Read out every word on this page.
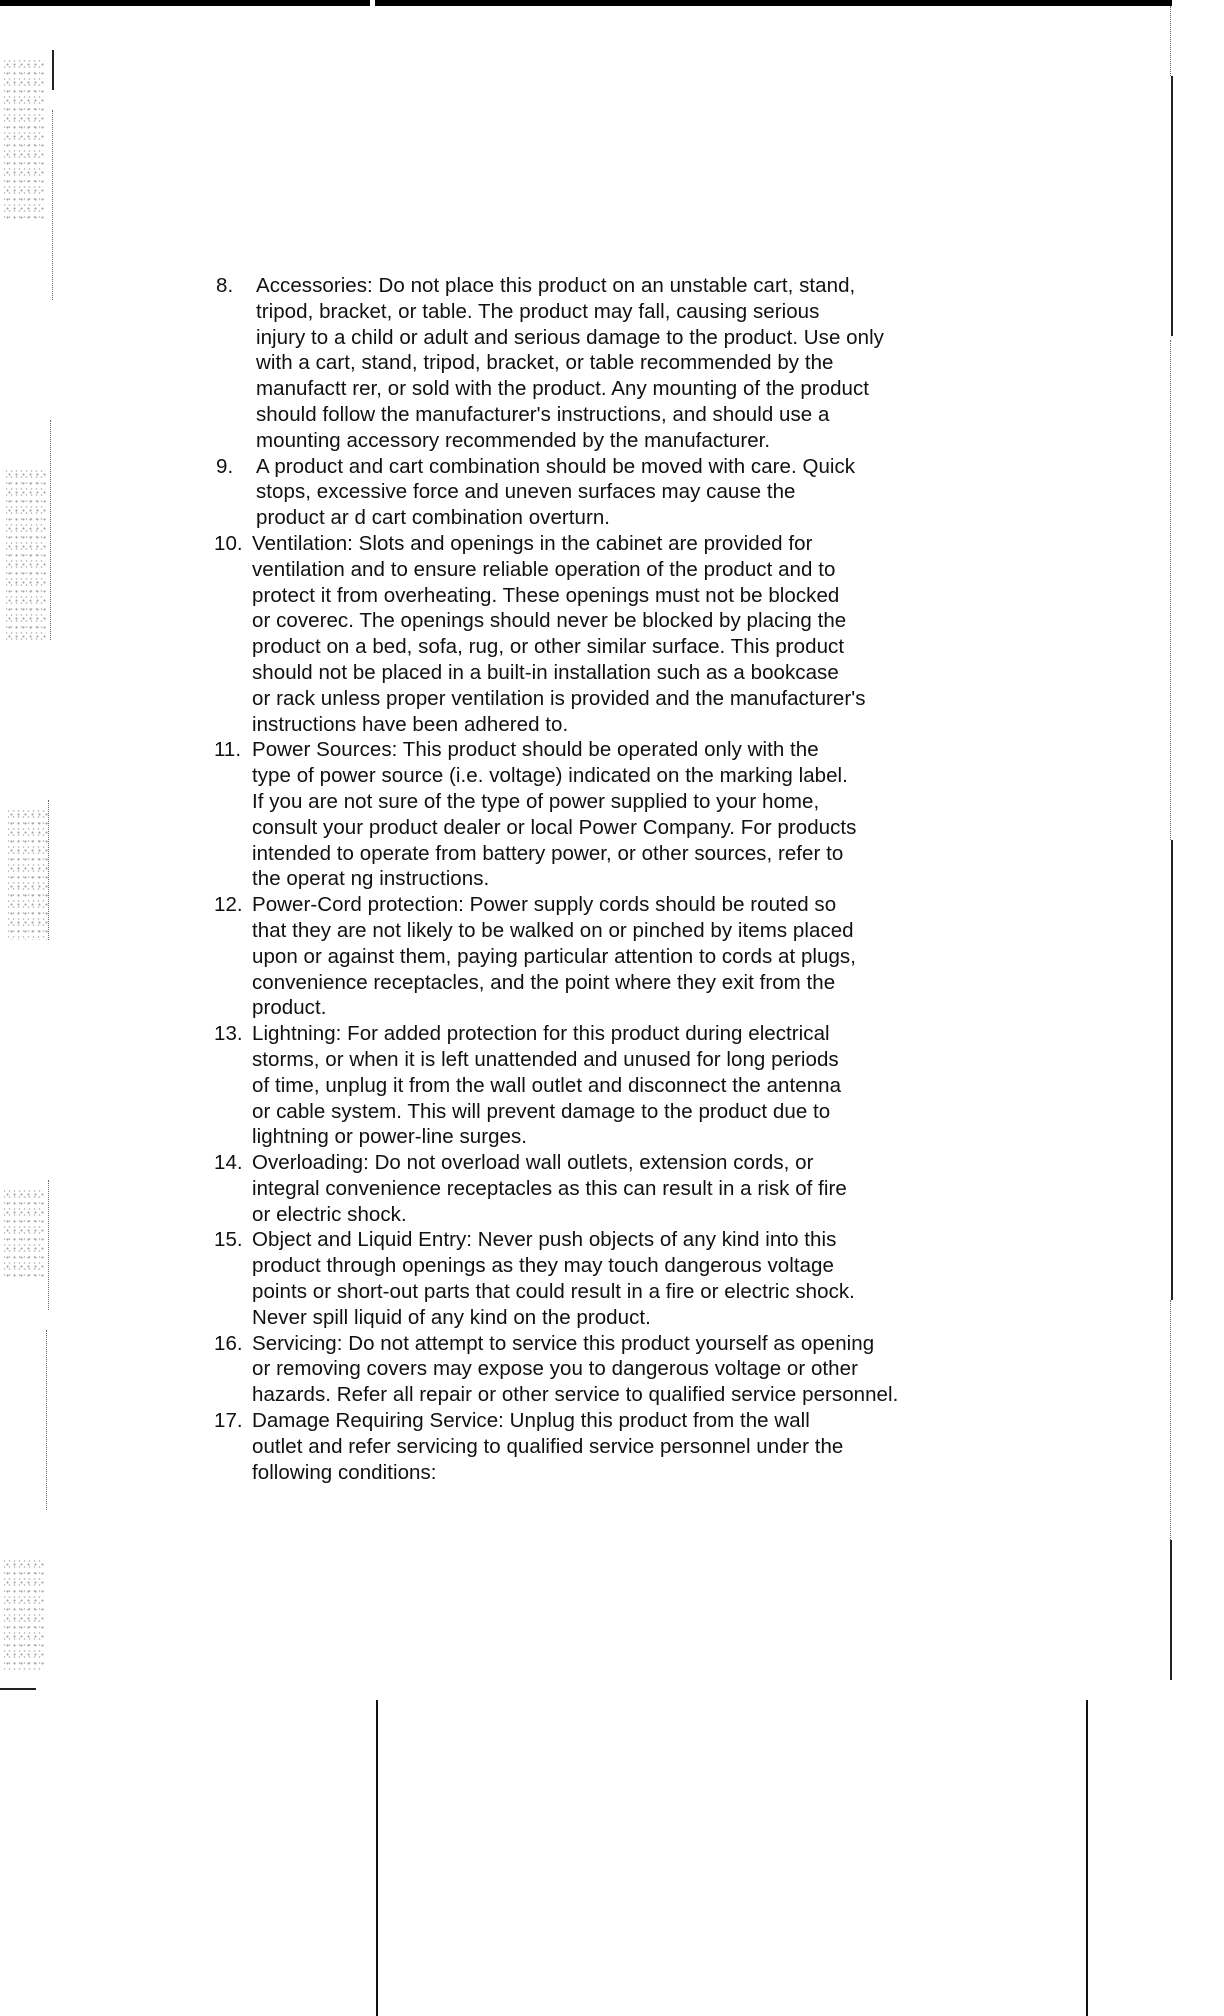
8.	Accessories: Do not place this product on an unstable cart, stand,
tripod, bracket, or table. The product may fall, causing serious
injury to a child or adult and serious damage to the product. Use only
with a cart, stand, tripod, bracket, or table recommended by the
manufactt rer, or sold with the product. Any mounting of the product
should follow the manufacturer's instructions, and should use a
mounting accessory recommended by the manufacturer.
9.	A product and cart combination should be moved with care. Quick
stops, excessive force and uneven surfaces may cause the
product ar d cart combination overturn.
10. Ventilation: Slots and openings in the cabinet are provided for
ventilation and to ensure reliable operation of the product and to
protect it from overheating. These openings must not be blocked
or coverec. The openings should never be blocked by placing the
product on a bed, sofa, rug, or other similar surface. This product
should not be placed in a built-in installation such as a bookcase
or rack unless proper ventilation is provided and the manufacturer's
instructions have been adhered to.
11. Power Sources: This product should be operated only with the
type of power source (i.e. voltage) indicated on the marking label.
If you are not sure of the type of power supplied to your home,
consult your product dealer or local Power Company. For products
intended to operate from battery power, or other sources, refer to
the operat ng instructions.
12. Power-Cord protection: Power supply cords should be routed so
that they are not likely to be walked on or pinched by items placed
upon or against them, paying particular attention to cords at plugs,
convenience receptacles, and the point where they exit from the
product.
13. Lightning: For added protection for this product during electrical
storms, or when it is left unattended and unused for long periods
of time, unplug it from the wall outlet and disconnect the antenna
or cable system. This will prevent damage to the product due to
lightning or power-line surges.
14. Overloading: Do not overload wall outlets, extension cords, or
integral convenience receptacles as this can result in a risk of fire
or electric shock.
15. Object and Liquid Entry: Never push objects of any kind into this
product through openings as they may touch dangerous voltage
points or short-out parts that could result in a fire or electric shock.
Never spill liquid of any kind on the product.
16. Servicing: Do not attempt to service this product yourself as opening
or removing covers may expose you to dangerous voltage or other
hazards. Refer all repair or other service to qualified service personnel.
17. Damage Requiring Service: Unplug this product from the wall
outlet and refer servicing to qualified service personnel under the
following conditions:
